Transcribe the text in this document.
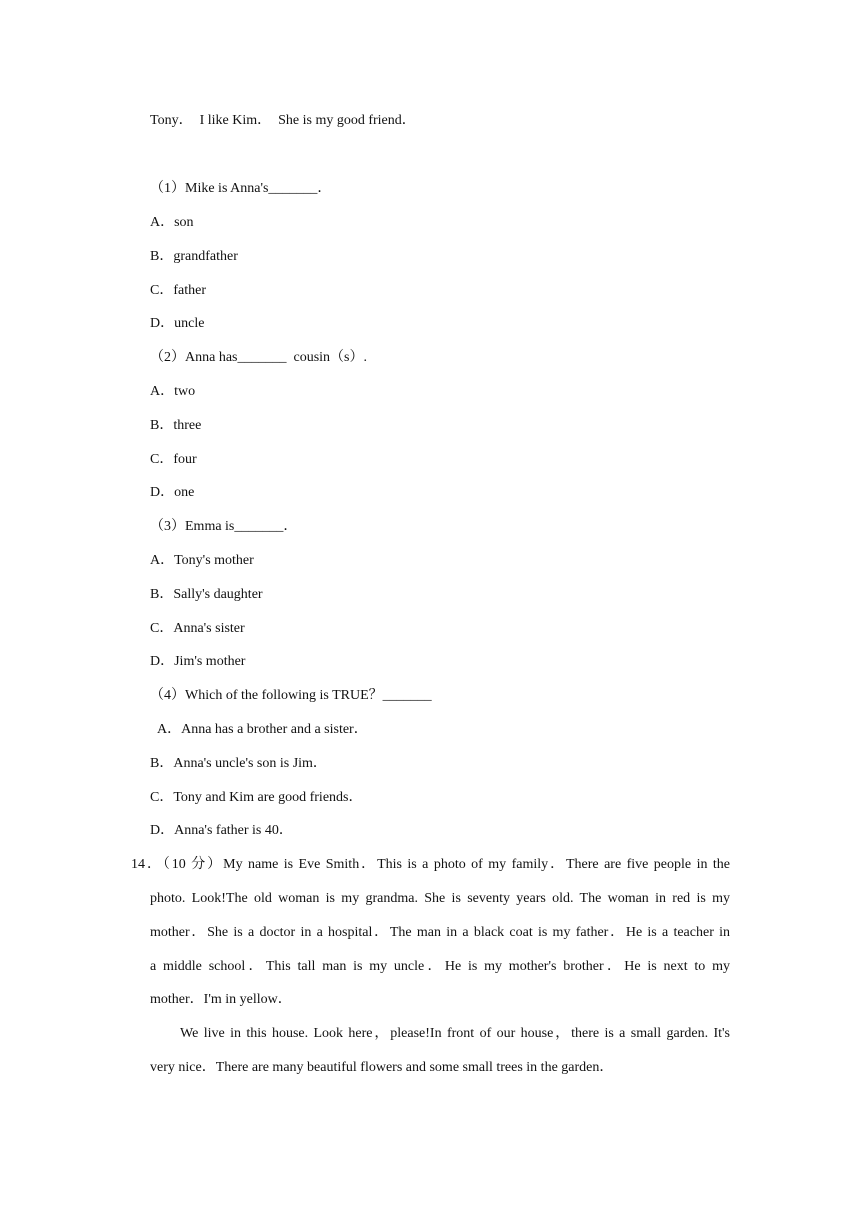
Tony．  I like Kim．  She is my good friend．
（1）Mike is Anna's_______．
A．son
B．grandfather
C．father
D．uncle
（2）Anna has_______  cousin（s）.
A．two
B．three
C．four
D．one
（3）Emma is_______．
A．Tony's mother
B．Sally's daughter
C．Anna's sister
D．Jim's mother
（4）Which of the following is TRUE？_______
A．Anna has a brother and a sister．
B．Anna's uncle's son is Jim．
C．Tony and Kim are good friends．
D．Anna's father is 40．
14．（10 分）My name is Eve Smith．This is a photo of my family．There are five people in the
photo. Look!The old woman is my grandma. She is seventy years old. The woman in red is my
mother．She is a doctor in a hospital．The man in a black coat is my father．He is a teacher in
a middle school．This tall man is my uncle．He is my mother's brother．He is next to my
mother．I'm in yellow．
We live in this house. Look here，please!In front of our house，there is a small garden. It's
very nice．There are many beautiful flowers and some small trees in the garden．
